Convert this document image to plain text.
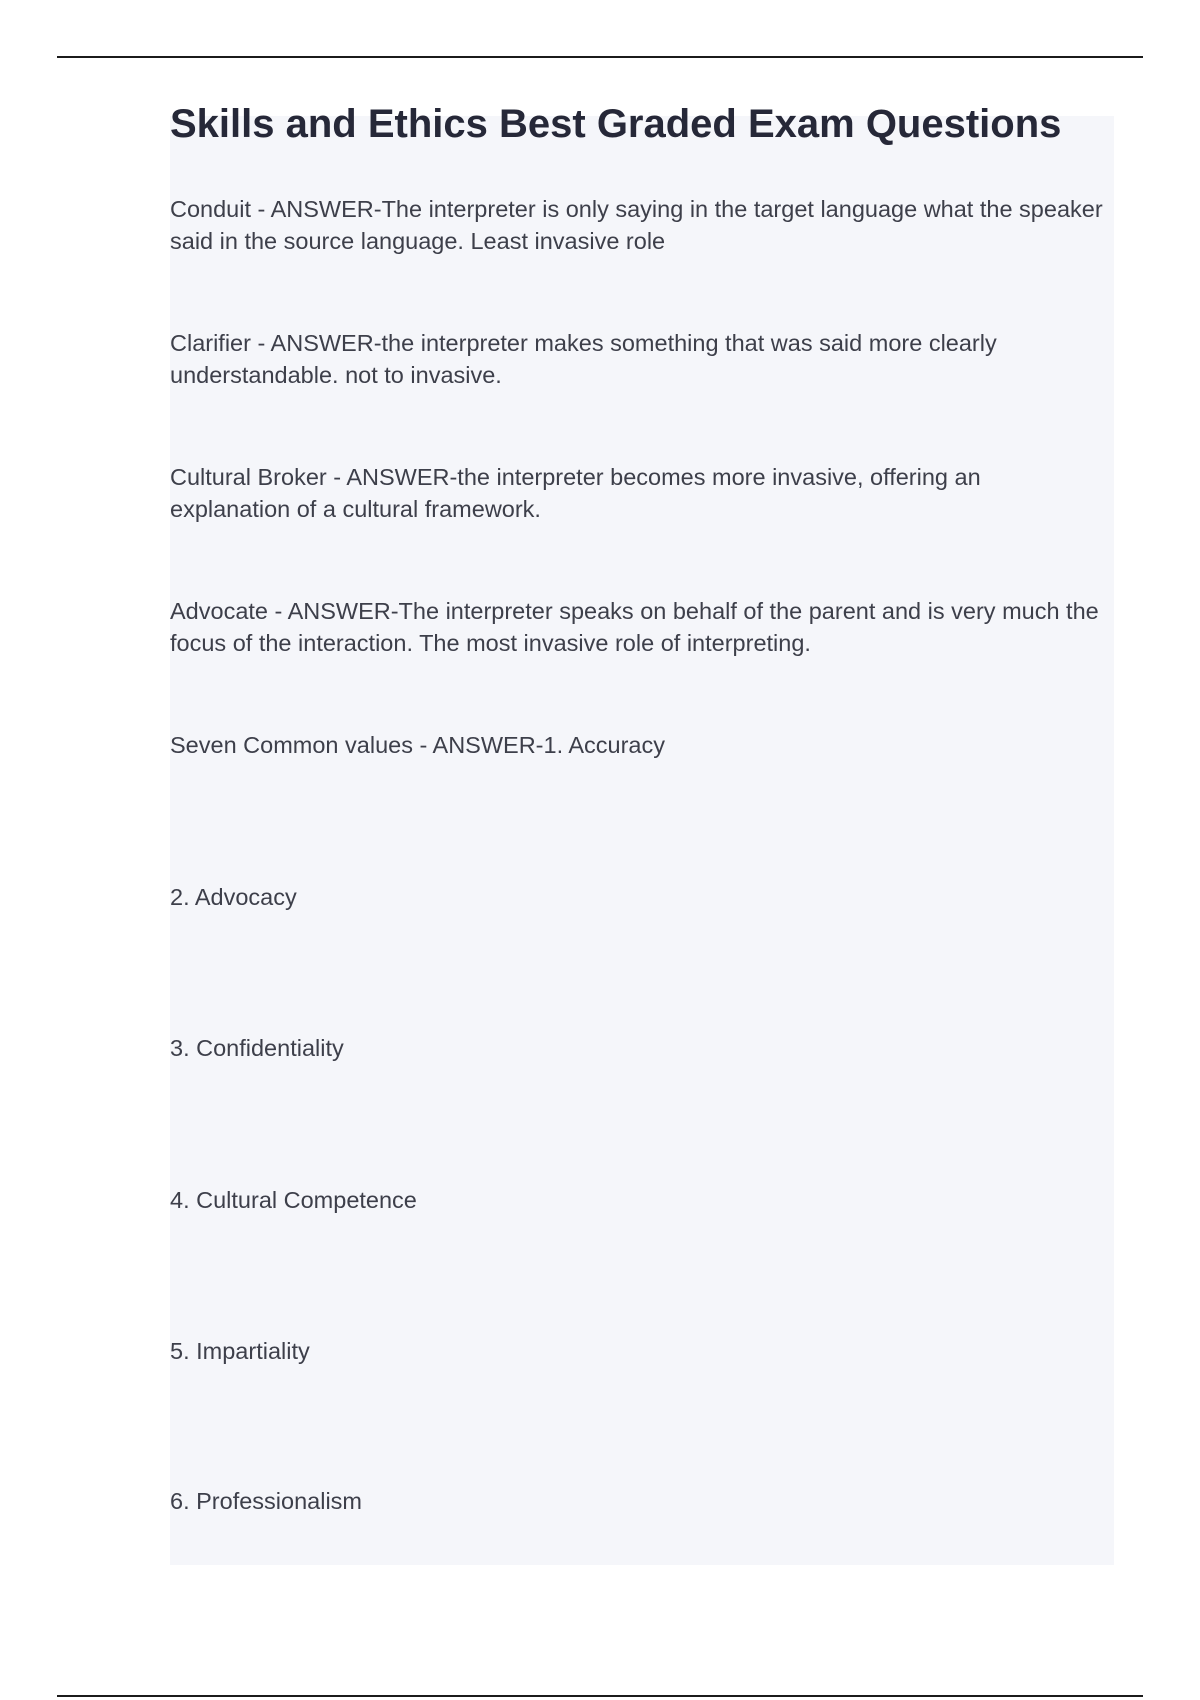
Skills and Ethics Best Graded Exam Questions

Conduit - ANSWER-The interpreter is only saying in the target language what the speaker said in the source language. Least invasive role

Clarifier - ANSWER-the interpreter makes something that was said more clearly understandable. not to invasive.

Cultural Broker - ANSWER-the interpreter becomes more invasive, offering an explanation of a cultural framework.

Advocate - ANSWER-The interpreter speaks on behalf of the parent and is very much the focus of the interaction. The most invasive role of interpreting.

Seven Common values - ANSWER-1. Accuracy

2. Advocacy

3. Confidentiality

4. Cultural Competence

5. Impartiality

6. Professionalism
